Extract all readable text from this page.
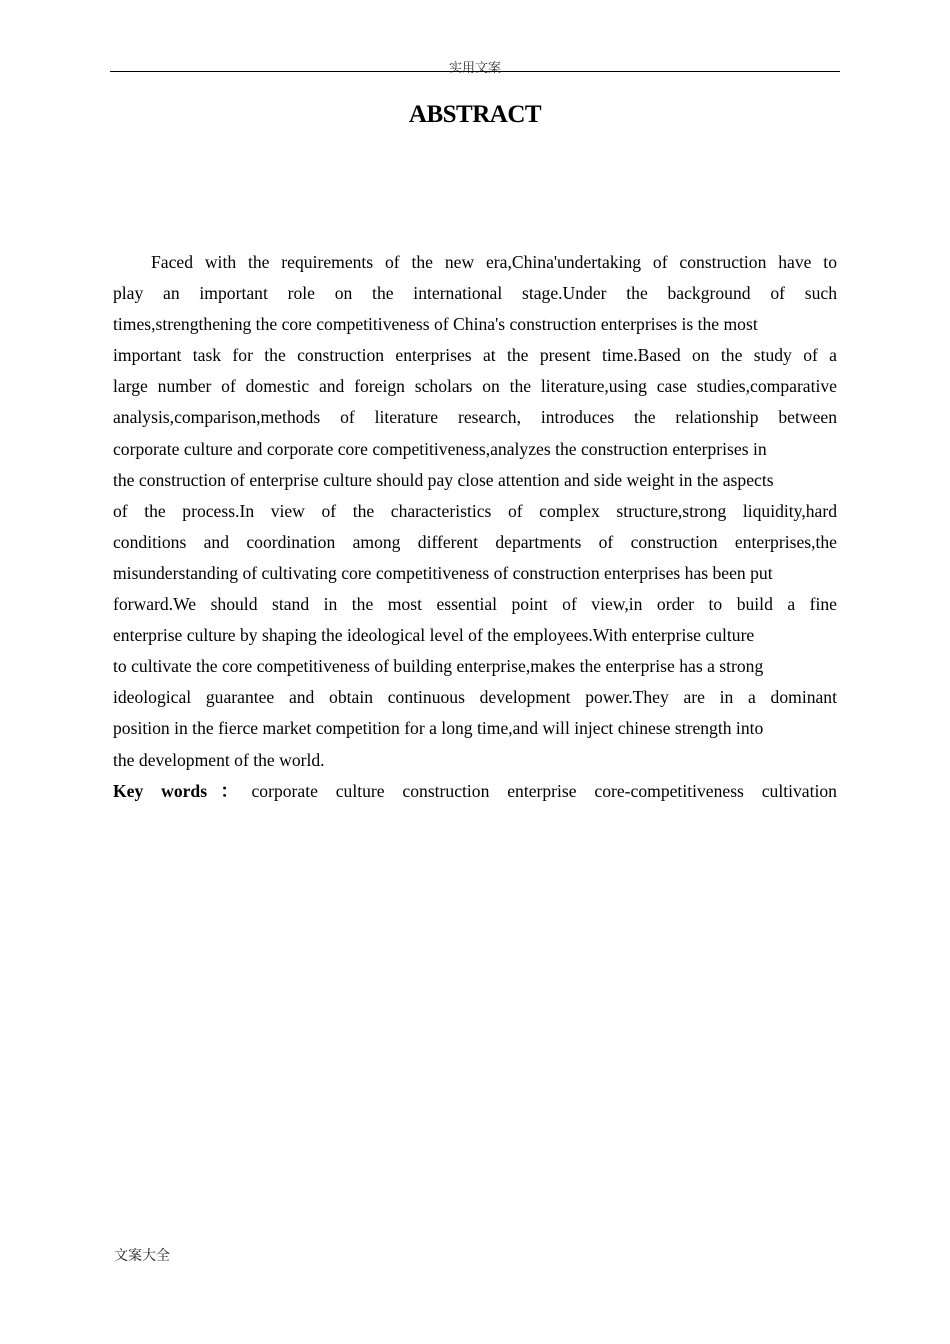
实用文案
ABSTRACT
Faced with the requirements of the new era,China'undertaking of construction have to
play an important role on the international stage.Under the background of such
times,strengthening the core competitiveness of China's construction enterprises is the most
important task for the construction enterprises at the present time.Based on the study of a
large number of domestic and foreign scholars on the literature,using case studies,comparative
analysis,comparison,methods of literature research, introduces the relationship between
corporate culture and corporate core competitiveness,analyzes the construction enterprises in
the construction of enterprise culture should pay close attention and side weight in the aspects
of the process.In view of the characteristics of complex structure,strong liquidity,hard
conditions and coordination among different departments of construction enterprises,the
misunderstanding of cultivating core competitiveness of construction enterprises has been put
forward.We should stand in the most essential point of view,in order to build a fine
enterprise culture by shaping the ideological level of the employees.With enterprise culture
to cultivate the core competitiveness of building enterprise,makes the enterprise has a strong
ideological guarantee and obtain continuous development power.They are in a dominant
position in the fierce market competition for a long time,and will inject chinese strength into
the development of the world.
Key words：corporate culture construction enterprise core-competitiveness cultivation
文案大全
